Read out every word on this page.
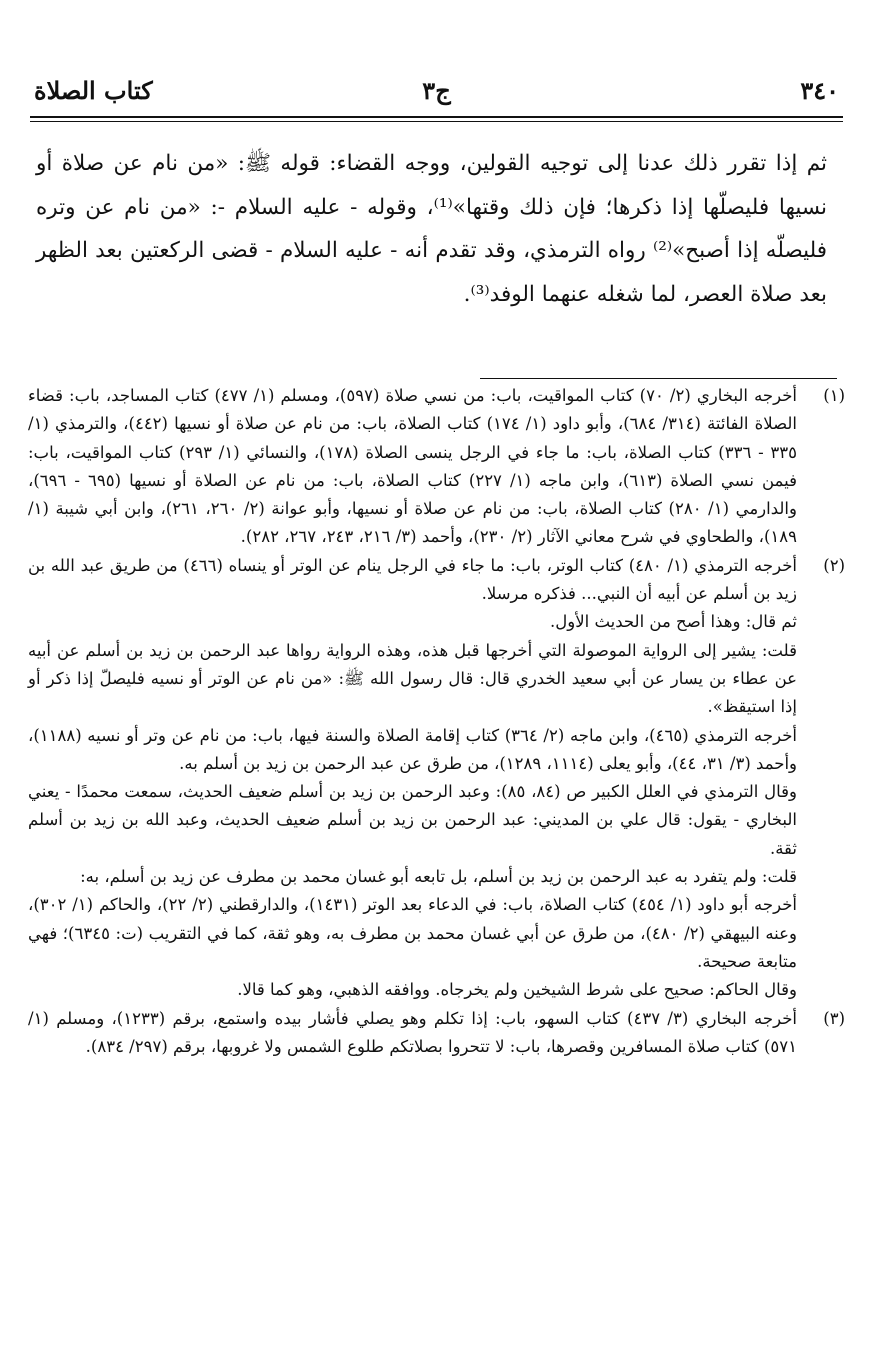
٣٤٠
ج٣
كتاب الصلاة

ثم إذا تقرر ذلك عدنا إلى توجيه القولين، ووجه القضاء: قوله ﷺ: «من نام عن صلاة أو نسيها فليصلّها إذا ذكرها؛ فإن ذلك وقتها»⁽¹⁾، وقوله - عليه السلام -: «من نام عن وتره فليصلّه إذا أصبح»⁽²⁾ رواه الترمذي، وقد تقدم أنه - عليه السلام - قضى الركعتين بعد الظهر بعد صلاة العصر، لما شغله عنهما الوفد⁽³⁾.

(١)

أخرجه البخاري (٢/ ٧٠) كتاب المواقيت، باب: من نسي صلاة (٥٩٧)، ومسلم (١/ ٤٧٧) كتاب المساجد، باب: قضاء الصلاة الفائتة (٣١٤/ ٦٨٤)، وأبو داود (١/ ١٧٤) كتاب الصلاة، باب: من نام عن صلاة أو نسيها (٤٤٢)، والترمذي (١/ ٣٣٥ - ٣٣٦) كتاب الصلاة، باب: ما جاء في الرجل ينسى الصلاة (١٧٨)، والنسائي (١/ ٢٩٣) كتاب المواقيت، باب: فيمن نسي الصلاة (٦١٣)، وابن ماجه (١/ ٢٢٧) كتاب الصلاة، باب: من نام عن الصلاة أو نسيها (٦٩٥ - ٦٩٦)، والدارمي (١/ ٢٨٠) كتاب الصلاة، باب: من نام عن صلاة أو نسيها، وأبو عوانة (٢/ ٢٦٠، ٢٦١)، وابن أبي شيبة (١/ ١٨٩)، والطحاوي في شرح معاني الآثار (٢/ ٢٣٠)، وأحمد (٣/ ٢١٦، ٢٤٣، ٢٦٧، ٢٨٢).

(٢)

أخرجه الترمذي (١/ ٤٨٠) كتاب الوتر، باب: ما جاء في الرجل ينام عن الوتر أو ينساه (٤٦٦) من طريق عبد الله بن زيد بن أسلم عن أبيه أن النبي... فذكره مرسلا.

ثم قال: وهذا أصح من الحديث الأول.

قلت: يشير إلى الرواية الموصولة التي أخرجها قبل هذه، وهذه الرواية رواها عبد الرحمن بن زيد بن أسلم عن أبيه عن عطاء بن يسار عن أبي سعيد الخدري قال: قال رسول الله ﷺ: «من نام عن الوتر أو نسيه فليصلّ إذا ذكر أو إذا استيقظ».

أخرجه الترمذي (٤٦٥)، وابن ماجه (٢/ ٣٦٤) كتاب إقامة الصلاة والسنة فيها، باب: من نام عن وتر أو نسيه (١١٨٨)، وأحمد (٣/ ٣١، ٤٤)، وأبو يعلى (١١١٤، ١٢٨٩)، من طرق عن عبد الرحمن بن زيد بن أسلم به.

وقال الترمذي في العلل الكبير ص (٨٤، ٨٥): وعبد الرحمن بن زيد بن أسلم ضعيف الحديث، سمعت محمدًا - يعني البخاري - يقول: قال علي بن المديني: عبد الرحمن بن زيد بن أسلم ضعيف الحديث، وعبد الله بن زيد بن أسلم ثقة.

قلت: ولم يتفرد به عبد الرحمن بن زيد بن أسلم، بل تابعه أبو غسان محمد بن مطرف عن زيد بن أسلم، به:

أخرجه أبو داود (١/ ٤٥٤) كتاب الصلاة، باب: في الدعاء بعد الوتر (١٤٣١)، والدارقطني (٢/ ٢٢)، والحاكم (١/ ٣٠٢)، وعنه البيهقي (٢/ ٤٨٠)، من طرق عن أبي غسان محمد بن مطرف به، وهو ثقة، كما في التقريب (ت: ٦٣٤٥)؛ فهي متابعة صحيحة.

وقال الحاكم: صحيح على شرط الشيخين ولم يخرجاه. ووافقه الذهبي، وهو كما قالا.

(٣)

أخرجه البخاري (٣/ ٤٣٧) كتاب السهو، باب: إذا تكلم وهو يصلي فأشار بيده واستمع، برقم (١٢٣٣)، ومسلم (١/ ٥٧١) كتاب صلاة المسافرين وقصرها، باب: لا تتحروا بصلاتكم طلوع الشمس ولا غروبها، برقم (٢٩٧/ ٨٣٤).
